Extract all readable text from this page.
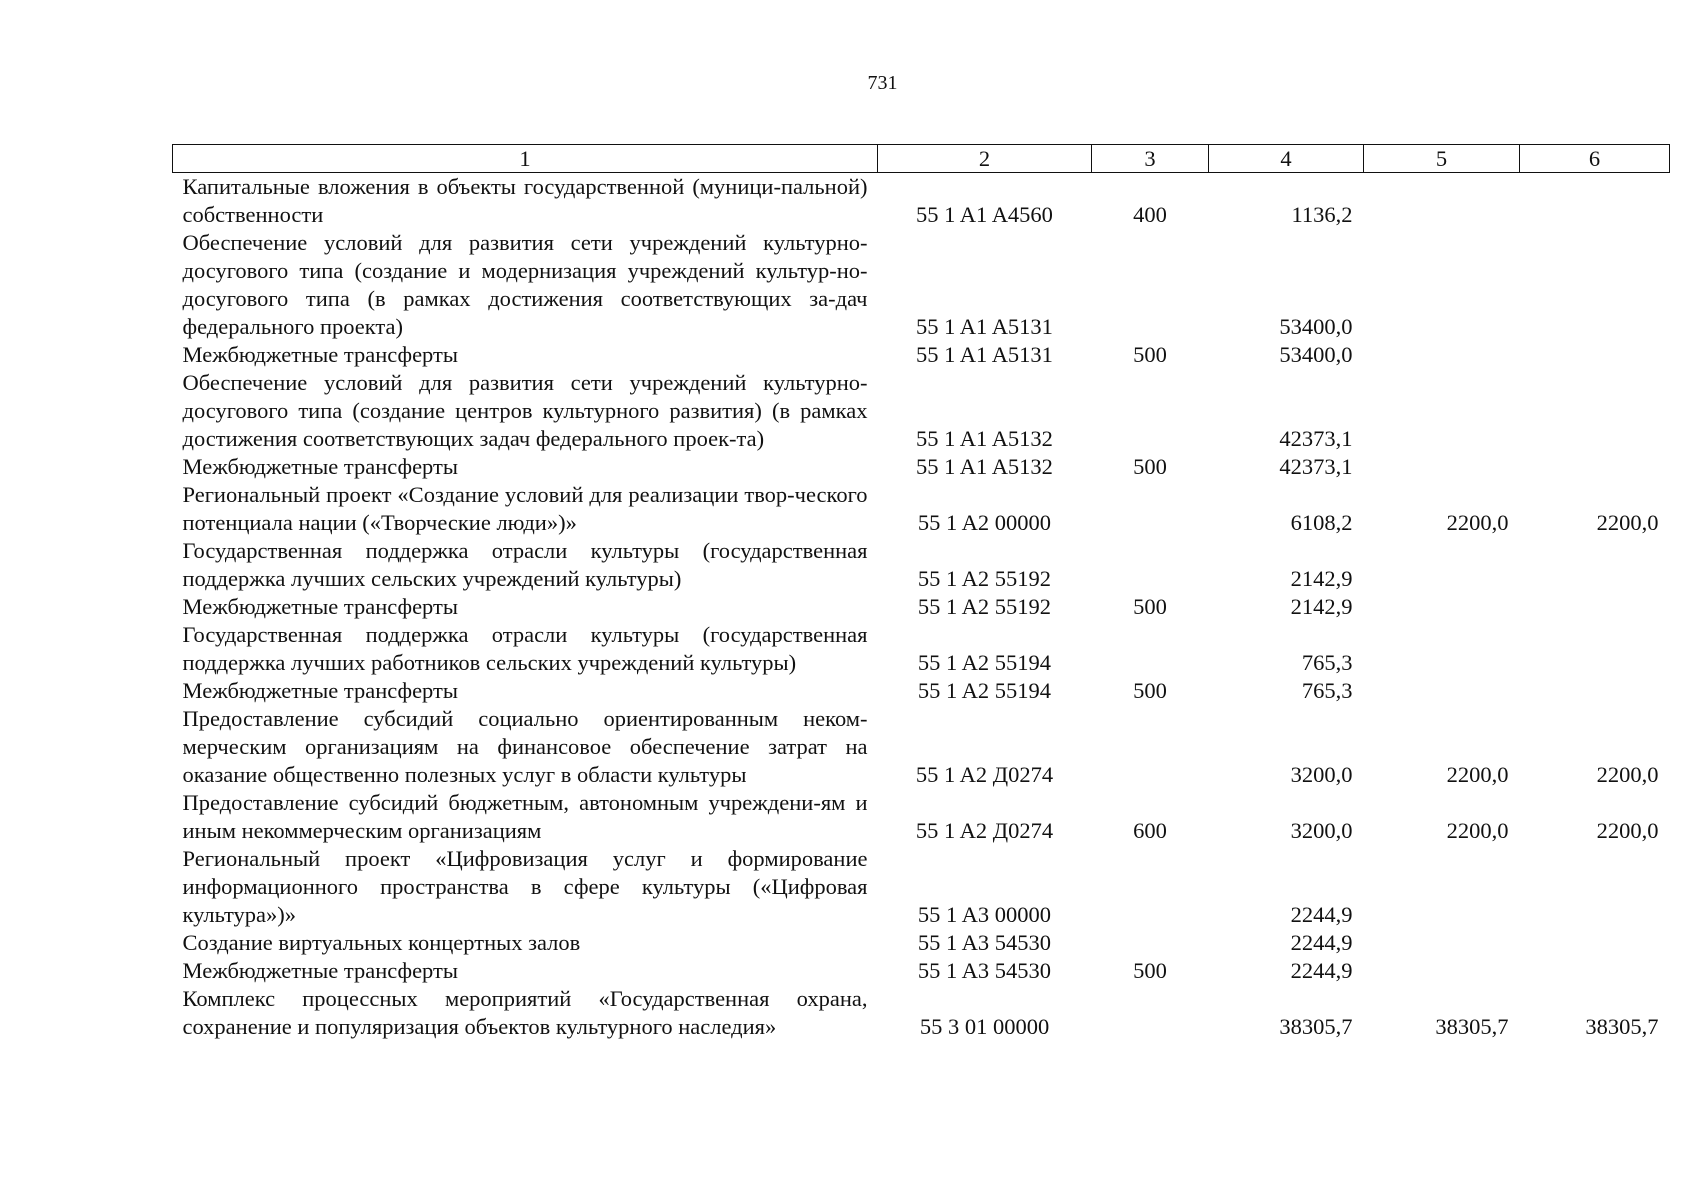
731
1	2	3	4	5	6
Капитальные вложения в объекты государственной (муници-​пальной) собственности	55 1 A1 A4560	400	1136,2		
Обеспечение условий для развития сети учреждений культурно-​досугового типа (создание и модернизация учреждений культур-​но-досугового типа (в рамках достижения соответствующих за-​дач федерального проекта)	55 1 A1 A5131		53400,0		
Межбюджетные трансферты	55 1 A1 A5131	500	53400,0		
Обеспечение условий для развития сети учреждений культурно-​досугового типа (создание центров культурного развития) (в рамках достижения соответствующих задач федерального проек-​та)	55 1 A1 A5132		42373,1		
Межбюджетные трансферты	55 1 A1 A5132	500	42373,1		
Региональный проект «Создание условий для реализации твор-​ческого потенциала нации («Творческие люди»)»	55 1 A2 00000		6108,2	2200,0	2200,0
Государственная поддержка отрасли культуры (государственная поддержка лучших сельских учреждений культуры)	55 1 A2 55192		2142,9		
Межбюджетные трансферты	55 1 A2 55192	500	2142,9		
Государственная поддержка отрасли культуры (государственная поддержка лучших работников сельских учреждений культуры)	55 1 A2 55194		765,3		
Межбюджетные трансферты	55 1 A2 55194	500	765,3		
Предоставление субсидий социально ориентированным неком-​мерческим организациям на финансовое обеспечение затрат на оказание общественно полезных услуг в области культуры	55 1 A2 Д0274		3200,0	2200,0	2200,0
Предоставление субсидий бюджетным, автономным учреждени-​ям и иным некоммерческим организациям	55 1 A2 Д0274	600	3200,0	2200,0	2200,0
Региональный проект «Цифровизация услуг и формирование информационного пространства в сфере культуры («Цифровая культура»)»	55 1 A3 00000		2244,9		
Создание виртуальных концертных залов	55 1 A3 54530		2244,9		
Межбюджетные трансферты	55 1 A3 54530	500	2244,9		
Комплекс процессных мероприятий «Государственная охрана, сохранение и популяризация объектов культурного наследия»	55 3 01 00000		38305,7	38305,7	38305,7
